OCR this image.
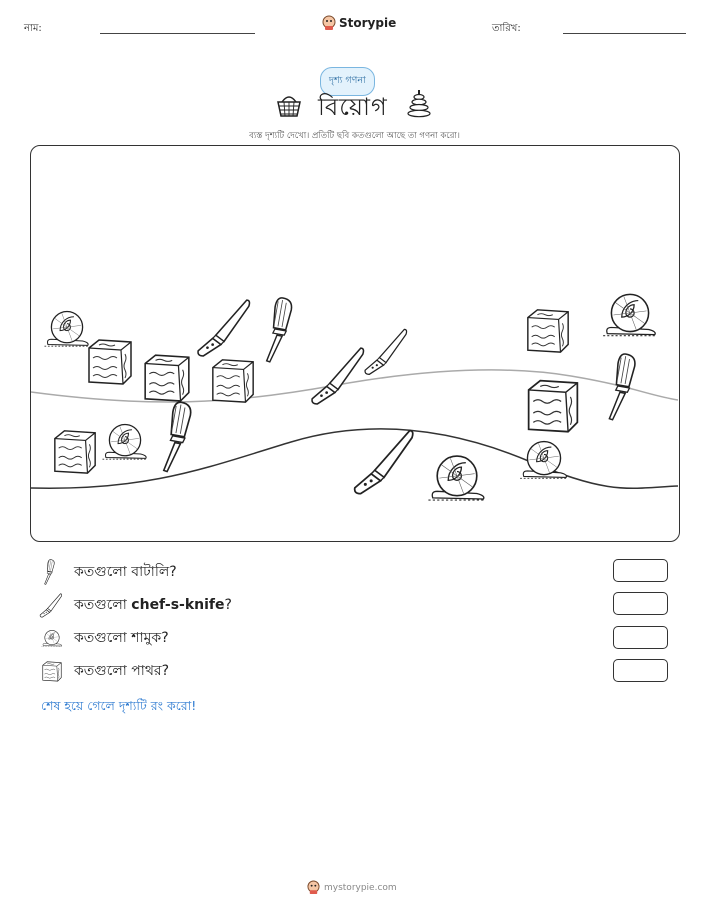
নাম:	Storypie	তারিখ:
দৃশ্য গণনা
বিয়োগ
ব্যস্ত দৃশ্যটি দেখো। প্রতিটি ছবি কতগুলো আছে তা গণনা করো।
কতগুলো বাটালি?
কতগুলো chef-s-knife?
কতগুলো শামুক?
কতগুলো পাথর?
শেষ হয়ে গেলে দৃশ্যটি রং করো!
mystorypie.com
